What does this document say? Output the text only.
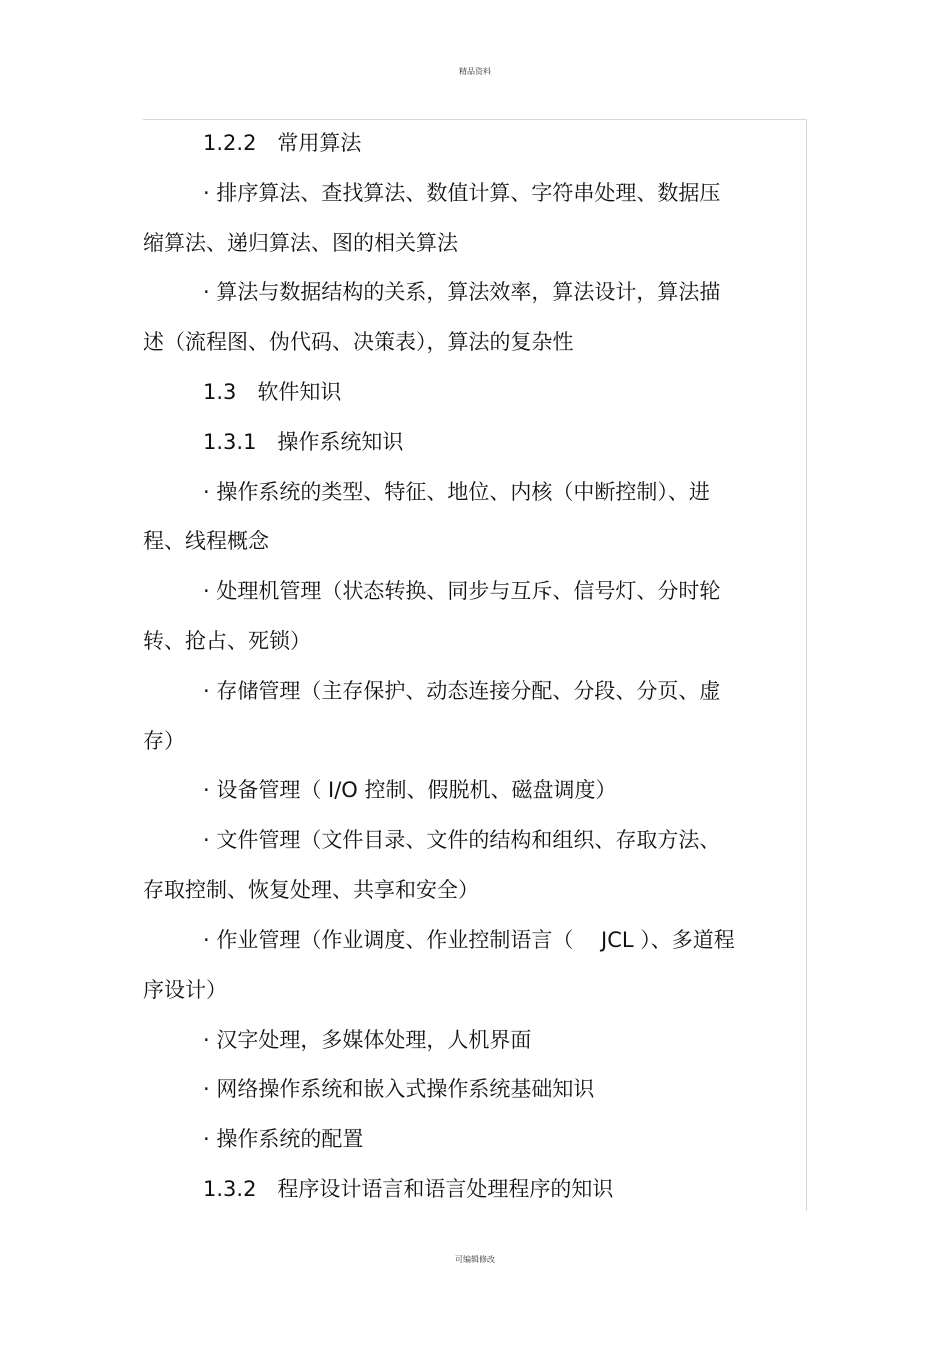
精品资料
1.2.2　常用算法
· 排序算法、查找算法、数值计算、字符串处理、数据压
缩算法、递归算法、图的相关算法
· 算法与数据结构的关系，算法效率，算法设计，算法描
述（流程图、伪代码、决策表），算法的复杂性
1.3　软件知识
1.3.1　操作系统知识
· 操作系统的类型、特征、地位、内核（中断控制）、进
程、线程概念
· 处理机管理（状态转换、同步与互斥、信号灯、分时轮
转、抢占、死锁）
· 存储管理（主存保护、动态连接分配、分段、分页、虚
存）
· 设备管理（ I/O 控制、假脱机、磁盘调度）
· 文件管理（文件目录、文件的结构和组织、存取方法、
存取控制、恢复处理、共享和安全）
· 作业管理（作业调度、作业控制语言（　 JCL ）、多道程
序设计）
· 汉字处理，多媒体处理，人机界面
· 网络操作系统和嵌入式操作系统基础知识
· 操作系统的配置
1.3.2　程序设计语言和语言处理程序的知识
可编辑修改
